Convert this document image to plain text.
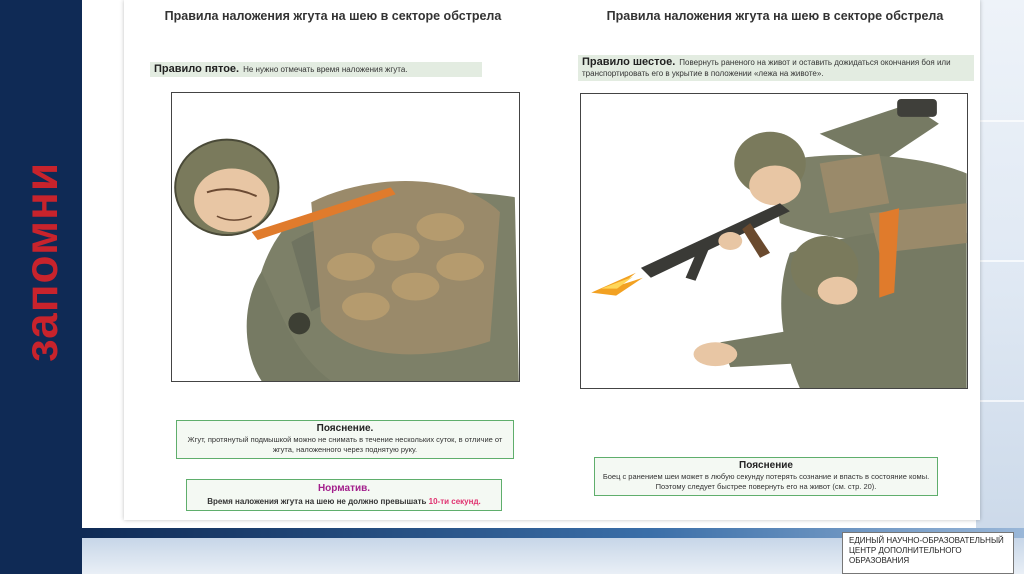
запомни
ЕДИНЫЙ НАУЧНО-ОБРАЗОВАТЕЛЬНЫЙ ЦЕНТР ДОПОЛНИТЕЛЬНОГО ОБРАЗОВАНИЯ
Правила наложения жгута на шею в секторе обстрела
Правило пятое. Не нужно отмечать время наложения жгута.
Пояснение.
Жгут, протянутый подмышкой можно не снимать в течение нескольких суток, в отличие от жгута, наложенного через поднятую руку.
Норматив.
Время наложения жгута на шею не должно превышать 10-ти секунд.
Правила наложения жгута на шею в секторе обстрела
Правило шестое. Повернуть раненого на живот и оставить дожидаться окончания боя или транспортировать его в укрытие в положении «лежа на животе».
Пояснение
Боец с ранением шеи может в любую секунду потерять сознание и впасть в состояние комы. Поэтому следует быстрее повернуть его на живот (см. стр. 20).
